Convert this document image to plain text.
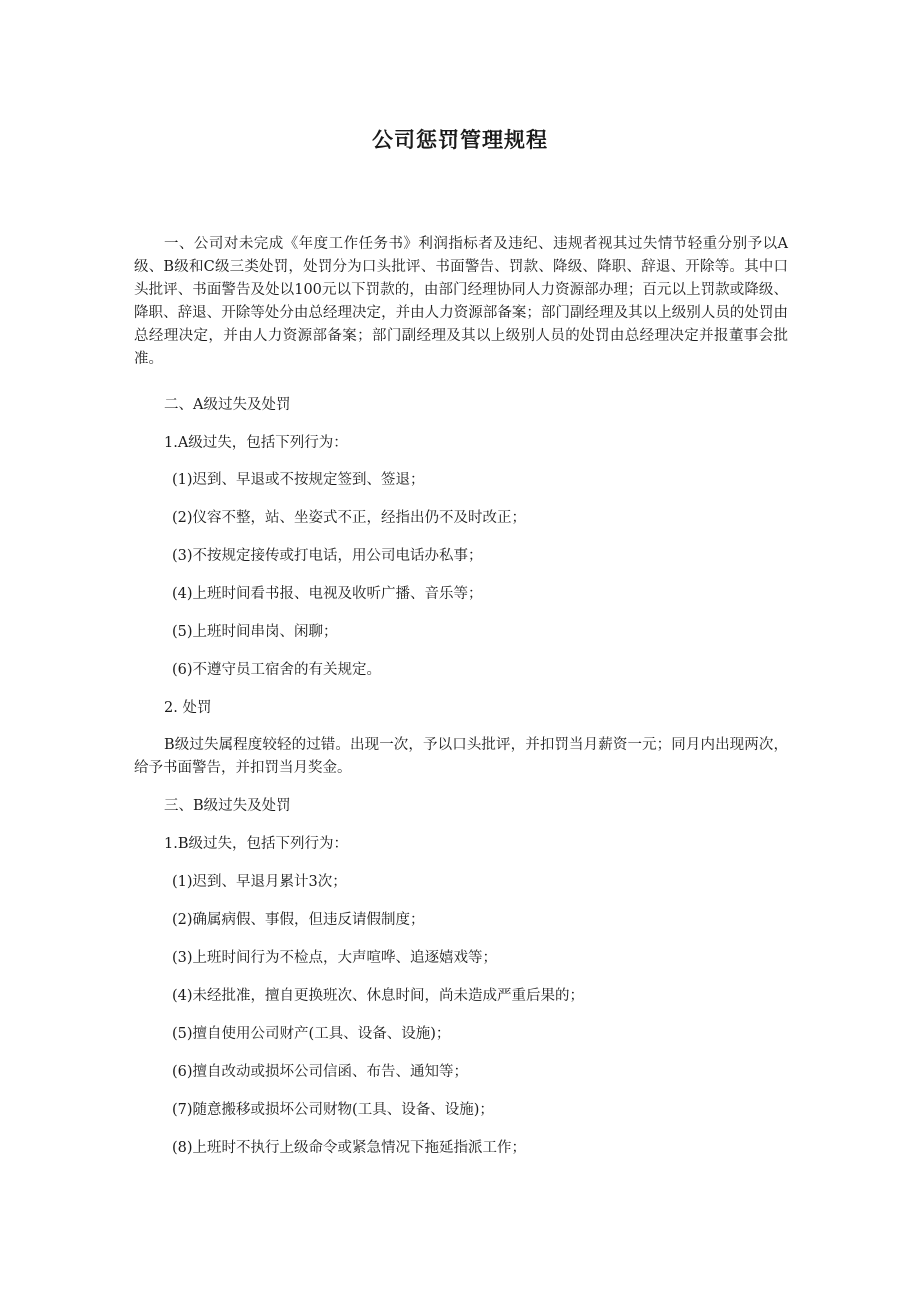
公司惩罚管理规程

一、公司对未完成《年度工作任务书》利润指标者及违纪、违规者视其过失情节轻重分别予以A级、B级和C级三类处罚，处罚分为口头批评、书面警告、罚款、降级、降职、辞退、开除等。其中口头批评、书面警告及处以100元以下罚款的，由部门经理协同人力资源部办理；百元以上罚款或降级、降职、辞退、开除等处分由总经理决定，并由人力资源部备案；部门副经理及其以上级别人员的处罚由总经理决定，并由人力资源部备案；部门副经理及其以上级别人员的处罚由总经理决定并报董事会批准。

二、A级过失及处罚

1.A级过失，包括下列行为：

(1)迟到、早退或不按规定签到、签退；

(2)仪容不整，站、坐姿式不正，经指出仍不及时改正；

(3)不按规定接传或打电话，用公司电话办私事；

(4)上班时间看书报、电视及收听广播、音乐等；

(5)上班时间串岗、闲聊；

(6)不遵守员工宿舍的有关规定。

2. 处罚

B级过失属程度较轻的过错。出现一次，予以口头批评，并扣罚当月薪资一元；同月内出现两次，给予书面警告，并扣罚当月奖金。

三、B级过失及处罚

1.B级过失，包括下列行为：

(1)迟到、早退月累计3次；

(2)确属病假、事假，但违反请假制度；

(3)上班时间行为不检点，大声喧哗、追逐嬉戏等；

(4)未经批准，擅自更换班次、休息时间，尚未造成严重后果的；

(5)擅自使用公司财产(工具、设备、设施)；

(6)擅自改动或损坏公司信函、布告、通知等；

(7)随意搬移或损坏公司财物(工具、设备、设施)；

(8)上班时不执行上级命令或紧急情况下拖延指派工作；
